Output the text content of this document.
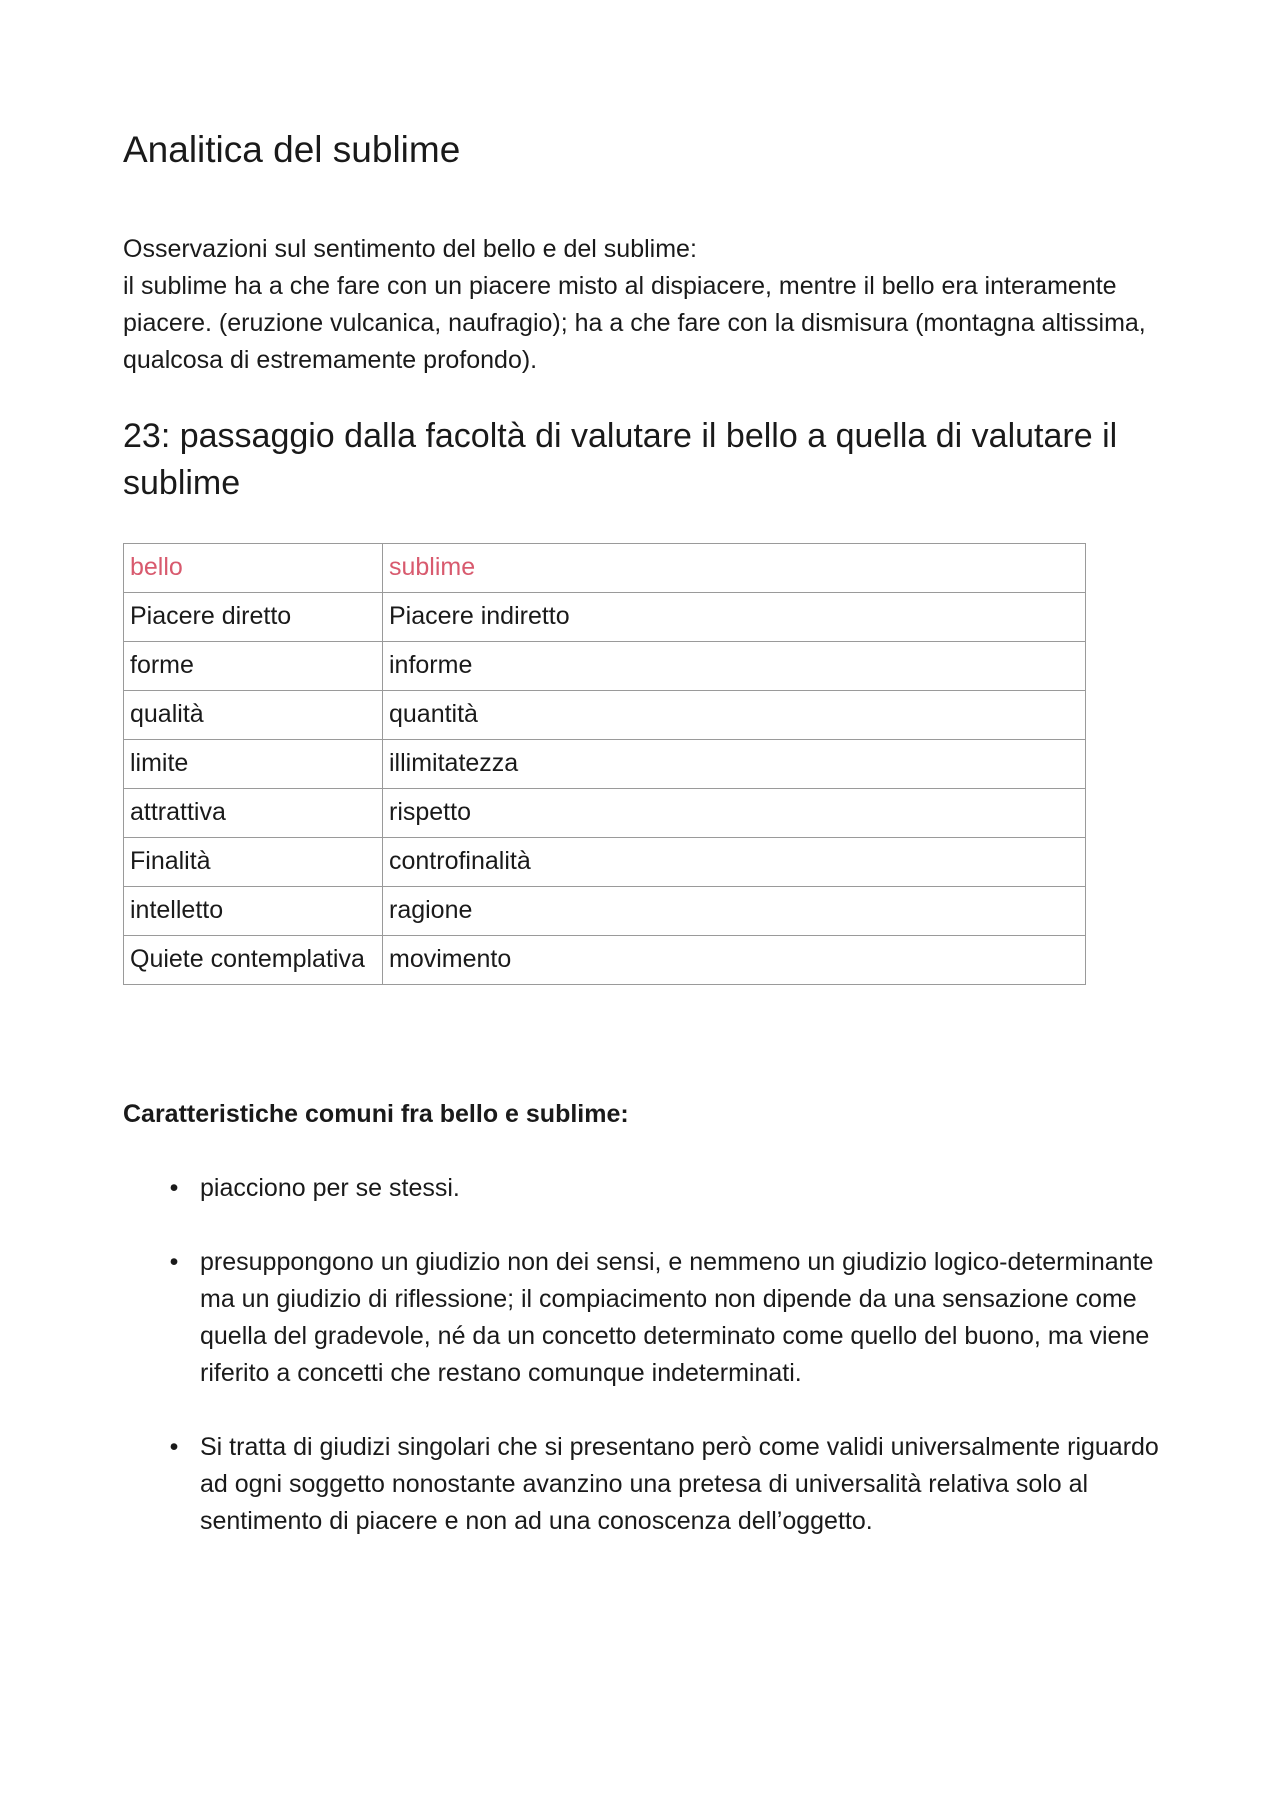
Analitica del sublime

Osservazioni sul sentimento del bello e del sublime:

il sublime ha a che fare con un piacere misto al dispiacere, mentre il bello era interamente piacere. (eruzione vulcanica, naufragio); ha a che fare con la dismisura (montagna altissima, qualcosa di estremamente profondo).

23: passaggio dalla facoltà di valutare il bello a quella di valutare il sublime
bello	sublime
Piacere diretto	Piacere indiretto
forme	informe
qualità	quantità
limite	illimitatezza
attrattiva	rispetto
Finalità	controfinalità
intelletto	ragione
Quiete contemplativa	movimento
Caratteristiche comuni fra bello e sublime:
• piacciono per se stessi.
• presuppongono un giudizio non dei sensi, e nemmeno un giudizio logico-determinante ma un giudizio di riflessione; il compiacimento non dipende da una sensazione come quella del gradevole, né da un concetto determinato come quello del buono, ma viene riferito a concetti che restano comunque indeterminati.
• Si tratta di giudizi singolari che si presentano però come validi universalmente riguardo ad ogni soggetto nonostante avanzino una pretesa di universalità relativa solo al sentimento di piacere e non ad una conoscenza dell’oggetto.
